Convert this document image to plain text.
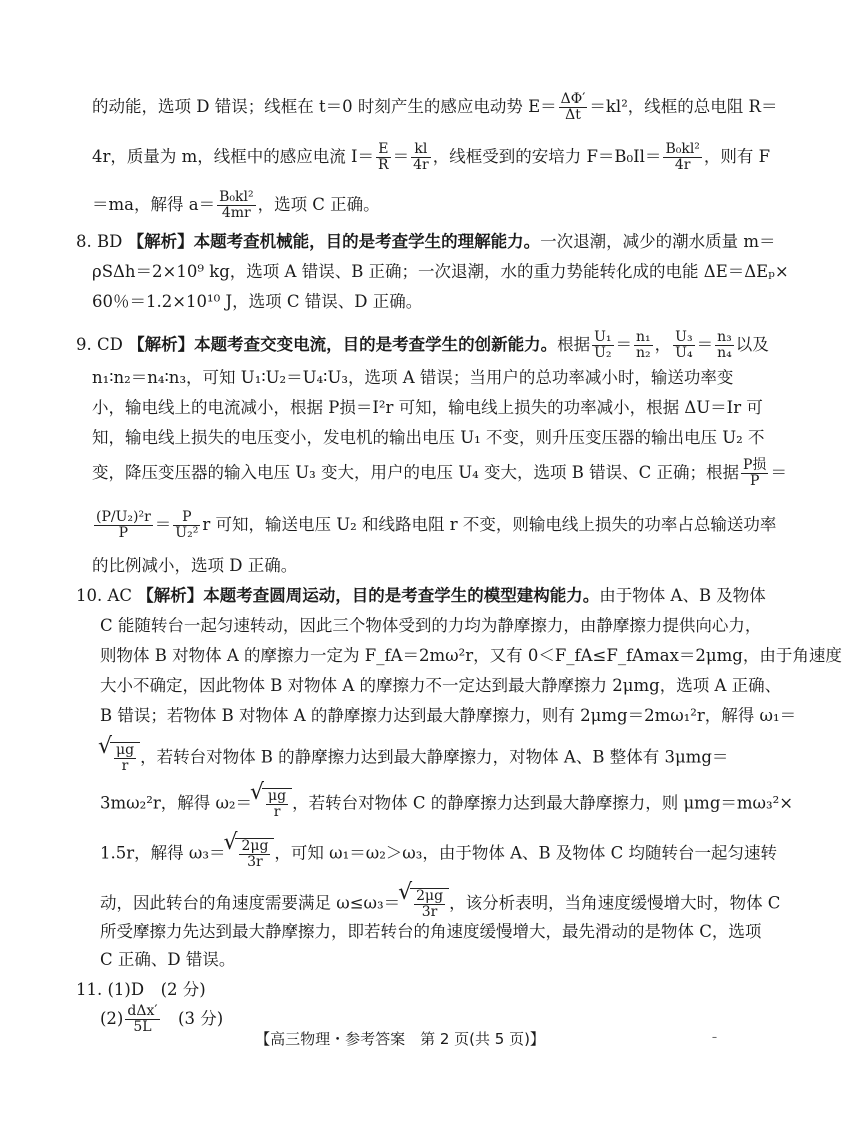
的动能，选项 D 错误；线框在 t＝0 时刻产生的感应电动势 $E= \frac{\Delta\Phi'}{\Delta t} =kl^2$，线框的总电阻 R＝
4r，质量为 m，线框中的感应电流 $I= \frac{E}{R} = \frac{kl}{4r}$ ，线框受到的安培力 $F=B_0Il= \frac{\text{B₀kl²}}{4r}$ ，则有 F
＝ma，解得 $a= \frac{\text{B₀kl²}}{4mr}$ ，选项 C 正确。
8. BD 【解析】本题考查机械能，目的是考查学生的理解能力。一次退潮，减少的潮水质量 m＝
ρSΔh＝2×10⁹ kg，选项 A 错误、B 正确；一次退潮，水的重力势能转化成的电能 ΔE＝ΔEₚ×
60％＝1.2×10¹⁰ J，选项 C 错误、D 正确。
9. CD 【解析】本题考查交变电流，目的是考查学生的创新能力。根据 $\frac{\text{U₁}}{\text{U₂}} = \frac{\text{n₁}}{\text{n₂}}$ ， $\frac{\text{U₃}}{\text{U₄}} = \frac{\text{n₃}}{\text{n₄}}$ 以及
n₁∶n₂＝n₄∶n₃，可知 U₁∶U₂＝U₄∶U₃，选项 A 错误；当用户的总功率减小时，输送功率变
小，输电线上的电流减小，根据 P损＝I²r 可知，输电线上损失的功率减小，根据 ΔU＝Ir 可
知，输电线上损失的电压变小，发电机的输出电压 U₁ 不变，则升压变压器的输出电压 U₂ 不
变，降压变压器的输入电压 U₃ 变大，用户的电压 U₄ 变大，选项 B 错误、C 正确；根据 $\frac{\text{P损}}{P}$ ＝
$\frac{\text{(P/U₂)²r}}{P} = \frac{P}{\text{U₂²}}$ r 可知，输送电压 U₂ 和线路电阻 r 不变，则输电线上损失的功率占总输送功率
的比例减小，选项 D 正确。
10. AC 【解析】本题考查圆周运动，目的是考查学生的模型建构能力。由于物体 A、B 及物体
C 能随转台一起匀速转动，因此三个物体受到的力均为静摩擦力，由静摩擦力提供向心力，
则物体 B 对物体 A 的摩擦力一定为 F_fA＝2mω²r，又有 0＜F_fA≤F_fAmax＝2μmg，由于角速度
大小不确定，因此物体 B 对物体 A 的摩擦力不一定达到最大静摩擦力 2μmg，选项 A 正确、
B 错误；若物体 B 对物体 A 的静摩擦力达到最大静摩擦力，则有 2μmg＝2mω₁²r，解得 ω₁＝
√ $\frac{\mu g}{r}$ ，若转台对物体 B 的静摩擦力达到最大静摩擦力，对物体 A、B 整体有 3μmg＝
3mω₂²r，解得 ω₂＝ √ $\frac{\mu g}{r}$ ，若转台对物体 C 的静摩擦力达到最大静摩擦力，则 μmg＝mω₃²×
1.5r，解得 ω₃＝ √ $\frac{2\mu g}{3r}$ ，可知 ω₁＝ω₂＞ω₃，由于物体 A、B 及物体 C 均随转台一起匀速转
动，因此转台的角速度需要满足 ω≤ω₃＝ √ $\frac{2\mu g}{3r}$ ，该分析表明，当角速度缓慢增大时，物体 C
所受摩擦力先达到最大静摩擦力，即若转台的角速度缓慢增大，最先滑动的是物体 C，选项
C 正确、D 错误。
11. (1)D　(2 分)
$(2) \frac{\text{dΔx′}}{5L}$ 　(3 分)
【高三物理・参考答案　第 2 页(共 5 页)】	–
